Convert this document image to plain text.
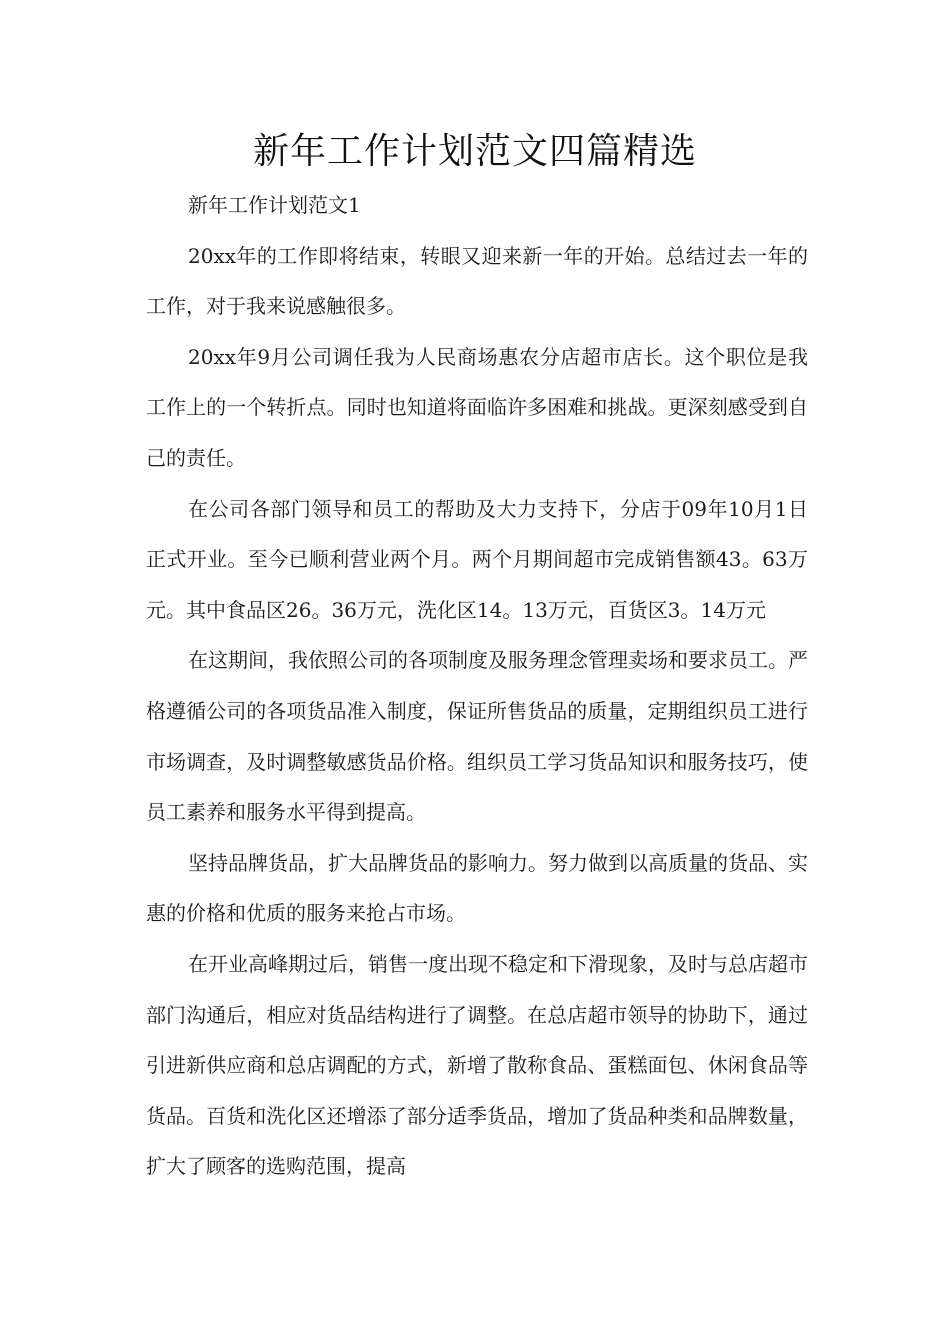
新年工作计划范文四篇精选

新年工作计划范文1

20xx年的工作即将结束，转眼又迎来新一年的开始。总结过去一年的工作，对于我来说感触很多。

20xx年9月公司调任我为人民商场惠农分店超市店长。这个职位是我工作上的一个转折点。同时也知道将面临许多困难和挑战。更深刻感受到自己的责任。

在公司各部门领导和员工的帮助及大力支持下，分店于09年10月1日正式开业。至今已顺利营业两个月。两个月期间超市完成销售额43。63万元。其中食品区26。36万元，洗化区14。13万元，百货区3。14万元

在这期间，我依照公司的各项制度及服务理念管理卖场和要求员工。严格遵循公司的各项货品准入制度，保证所售货品的质量，定期组织员工进行市场调查，及时调整敏感货品价格。组织员工学习货品知识和服务技巧，使员工素养和服务水平得到提高。

坚持品牌货品，扩大品牌货品的影响力。努力做到以高质量的货品、实惠的价格和优质的服务来抢占市场。

在开业高峰期过后，销售一度出现不稳定和下滑现象，及时与总店超市部门沟通后，相应对货品结构进行了调整。在总店超市领导的协助下，通过引进新供应商和总店调配的方式，新增了散称食品、蛋糕面包、休闲食品等货品。百货和洗化区还增添了部分适季货品，增加了货品种类和品牌数量，扩大了顾客的选购范围，提高
